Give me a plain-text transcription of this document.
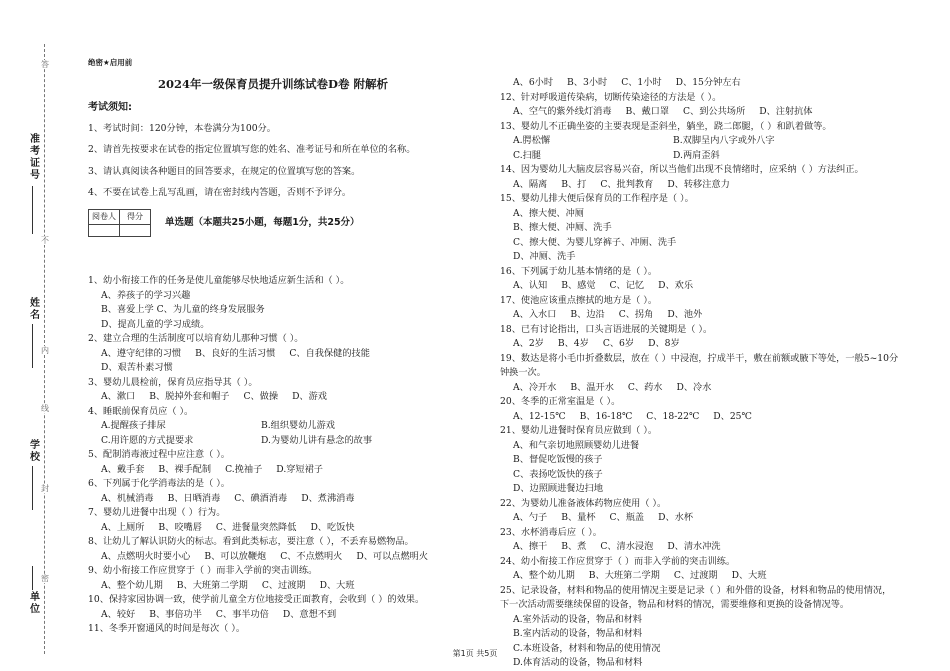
准考证号
姓名
学校
单位
答
不
内
线
封
密
绝密★启用前
2024年一级保育员提升训练试卷D卷 附解析
考试须知:
1、考试时间：120分钟，本卷满分为100分。
2、请首先按要求在试卷的指定位置填写您的姓名、准考证号和所在单位的名称。
3、请认真阅读各种题目的回答要求，在规定的位置填写您的答案。
4、不要在试卷上乱写乱画，请在密封线内答题，否则不予评分。
阅卷人	得分

单选题（本题共25小题，每题1分，共25分）
1、幼小衔接工作的任务是使儿童能够尽快地适应新生活和（ ）。
A、养孩子的学习兴趣
B、喜爱上学 C、为儿童的终身发展服务
D、提高儿童的学习成绩。
2、建立合理的生活制度可以培育幼儿那种习惯（ ）。
A、遵守纪律的习惯 B、良好的生活习惯 C、自我保健的技能
D、艰苦朴素习惯
3、婴幼儿晨检前，保育员应指导其（ ）。
A、漱口 B、脱掉外套和帽子 C、做操 D、游戏
4、睡眠前保育员应（ ）。
A.提醒孩子排尿	B.组织婴幼儿游戏
C.用许愿的方式提要求	D.为婴幼儿讲有悬念的故事
5、配制消毒液过程中应注意（ ）。
A、戴手套 B、裸手配制 C.挽袖子 D.穿短裙子
6、下列属于化学消毒法的是（ ）。
A、机械消毒 B、日晒消毒 C、碘酒消毒 D、煮沸消毒
7、婴幼儿进餐中出现（ ）行为。
A、上厕所 B、咬嘴唇 C、进餐量突然降低 D、吃饭快
8、让幼儿了解认识防火的标志。看到此类标志，要注意（ ），不丢弃易燃物品。
A、点燃明火时要小心 B、可以放鞭炮 C、不点燃明火 D、可以点燃明火
9、幼小衔接工作应贯穿于（ ）而非入学前的突击训练。
A、整个幼儿期 B、大班第二学期 C、过渡期 D、大班
10、保持家园协调一致，使学前儿童全方位地接受正面教育，会收到（ ）的效果。
A、较好 B、事倍功半 C、事半功倍 D、意想不到
11、冬季开窗通风的时间是每次（ ）。
A、6小时 B、3小时 C、1小时 D、15分钟左右
12、针对呼吸道传染病，切断传染途径的方法是（ ）。
A、空气的紫外线灯消毒 B、戴口罩 C、到公共场所 D、注射抗体
13、婴幼儿不正确坐姿的主要表现是歪斜坐，躺坐，跷二郎腿，（ ）和趴着做等。
A.腭松懈	B.双脚呈内八字或外八字
C.扫腿	D.两肩歪斜
14、因为婴幼儿大脑皮层容易兴奋，所以当他们出现不良情绪时，应采纳（ ）方法纠正。
A、隔离 B、打 C、批判教育 D、转移注意力
15、婴幼儿排大便后保育员的工作程序是（ ）。
A、擦大便、冲厕
B、擦大便、冲厕、洗手
C、擦大便、为婴儿穿裤子、冲厕、洗手
D、冲厕、洗手
16、下列属于幼儿基本情绪的是（ ）。
A、认知 B、感觉 C、记忆 D、欢乐
17、使池应该重点擦拭的地方是（ ）。
A、入水口 B、边沿 C、拐角 D、池外
18、已有讨论指出，口头言语进展的关键期是（ ）。
A、2岁 B、4岁 C、6岁 D、8岁
19、数达是将小毛巾折叠数层，放在（ ）中浸泡，拧成半干，敷在前额或腋下等处，一般5~10分钟换一次。
A、冷开水 B、温开水 C、药水 D、冷水
20、冬季的正常室温是（ ）。
A、12-15℃ B、16-18℃ C、18-22℃ D、25℃
21、婴幼儿进餐时保育员应做到（ ）。
A、和气亲切地照顾婴幼儿进餐
B、督促吃饭慢的孩子
C、表扬吃饭快的孩子
D、边照顾进餐边扫地
22、为婴幼儿准备液体药物应使用（ ）。
A、勺子 B、量杯 C、瓶盖 D、水杯
23、水杯消毒后应（ ）。
A、擦干 B、煮 C、清水浸泡 D、清水冲洗
24、幼小衔接工作应贯穿于（ ）而非入学前的突击训练。
A、整个幼儿期 B、大班第二学期 C、过渡期 D、大班
25、记录设备，材料和物品的使用情况主要是记录（ ）和外借的设备，材料和物品的使用情况，下一次活动需要继续保留的设备，物品和材料的情况，需要维修和更换的设备情况等。
A.室外活动的设备，物品和材料
B.室内活动的设备，物品和材料
C.本班设备，材料和物品的使用情况
D.体育活动的设备，物品和材料
第1页 共5页
